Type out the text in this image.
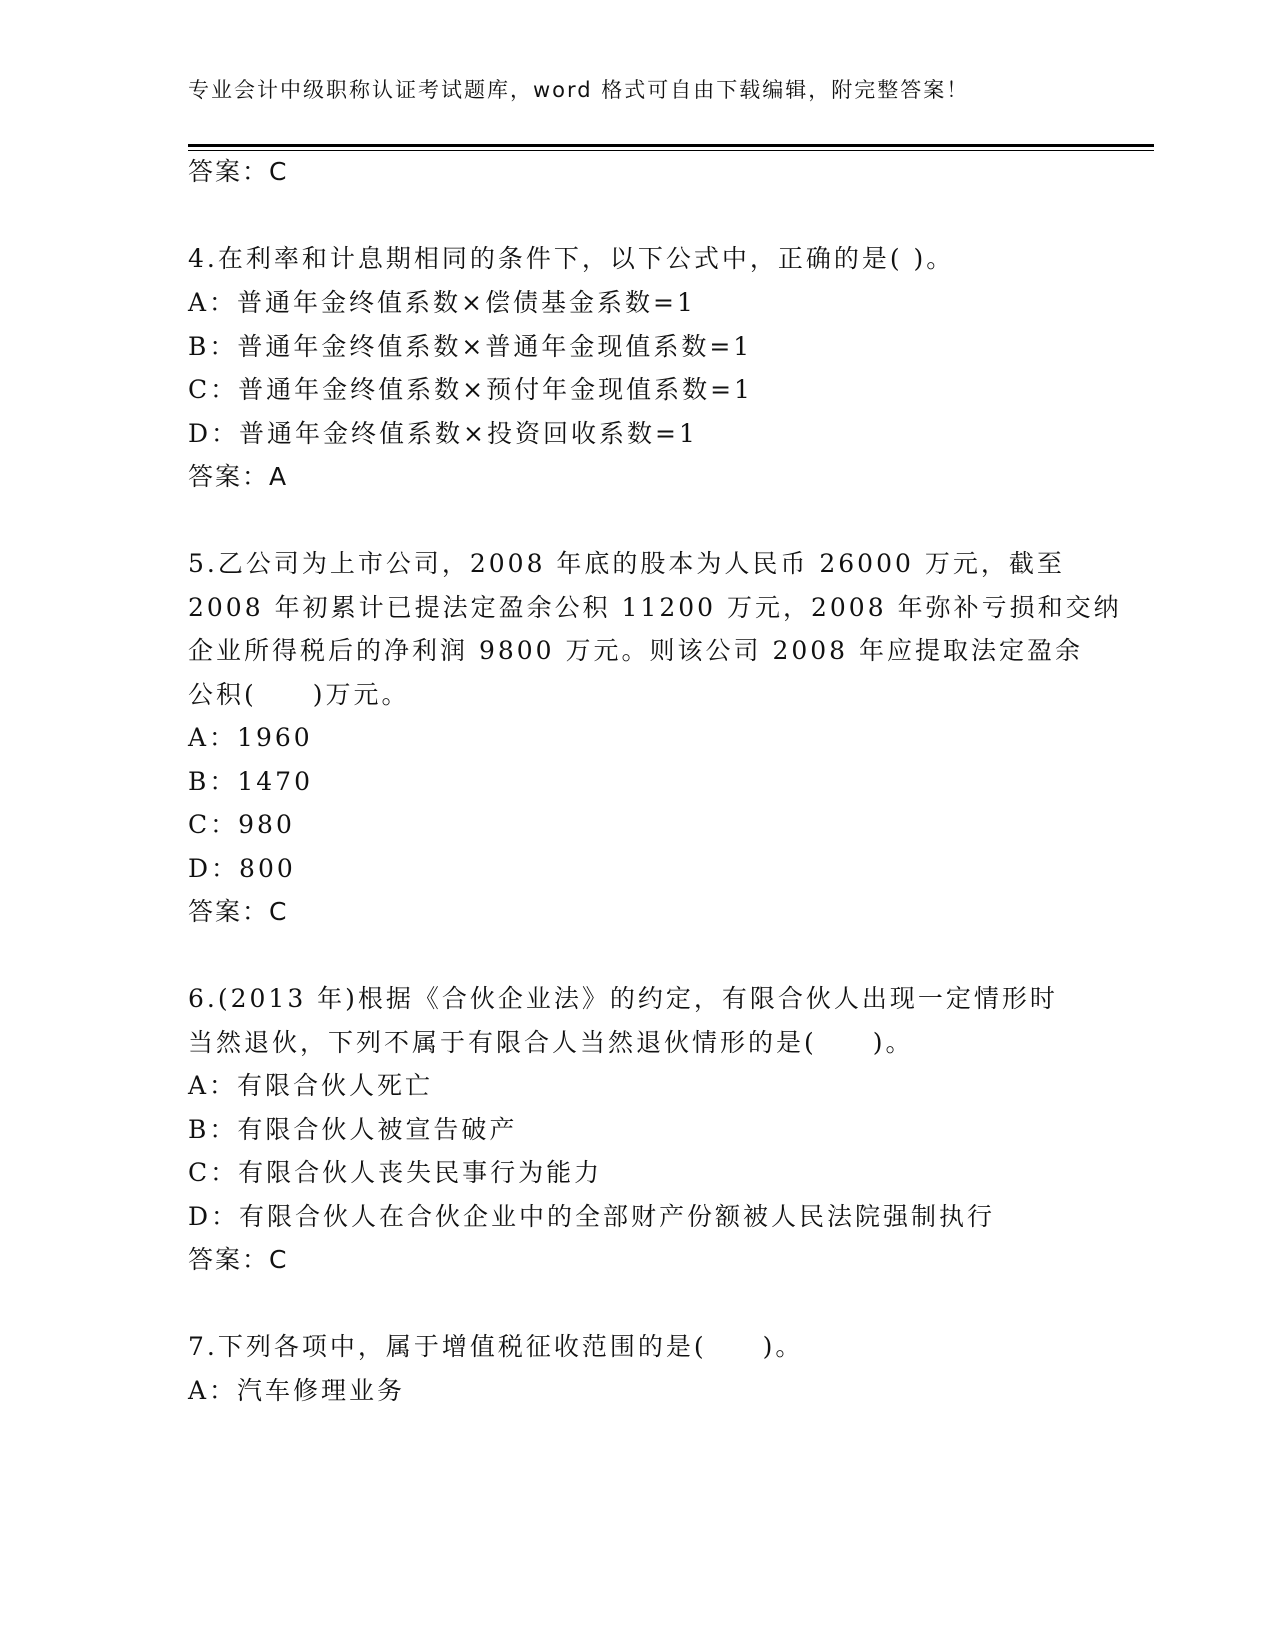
专业会计中级职称认证考试题库，word 格式可自由下载编辑，附完整答案！
答案：C
4.在利率和计息期相同的条件下，以下公式中，正确的是( )。
A：普通年金终值系数×偿债基金系数=1
B：普通年金终值系数×普通年金现值系数=1
C：普通年金终值系数×预付年金现值系数=1
D：普通年金终值系数×投资回收系数=1
答案：A
5.乙公司为上市公司，2008 年底的股本为人民币 26000 万元，截至
2008 年初累计已提法定盈余公积 11200 万元，2008 年弥补亏损和交纳
企业所得税后的净利润 9800 万元。则该公司 2008 年应提取法定盈余
公积(　　)万元。
A：1960
B：1470
C：980
D：800
答案：C
6.(2013 年)根据《合伙企业法》的约定，有限合伙人出现一定情形时
当然退伙，下列不属于有限合人当然退伙情形的是(　　)。
A：有限合伙人死亡
B：有限合伙人被宣告破产
C：有限合伙人丧失民事行为能力
D：有限合伙人在合伙企业中的全部财产份额被人民法院强制执行
答案：C
7.下列各项中，属于增值税征收范围的是(　　)。
A：汽车修理业务
